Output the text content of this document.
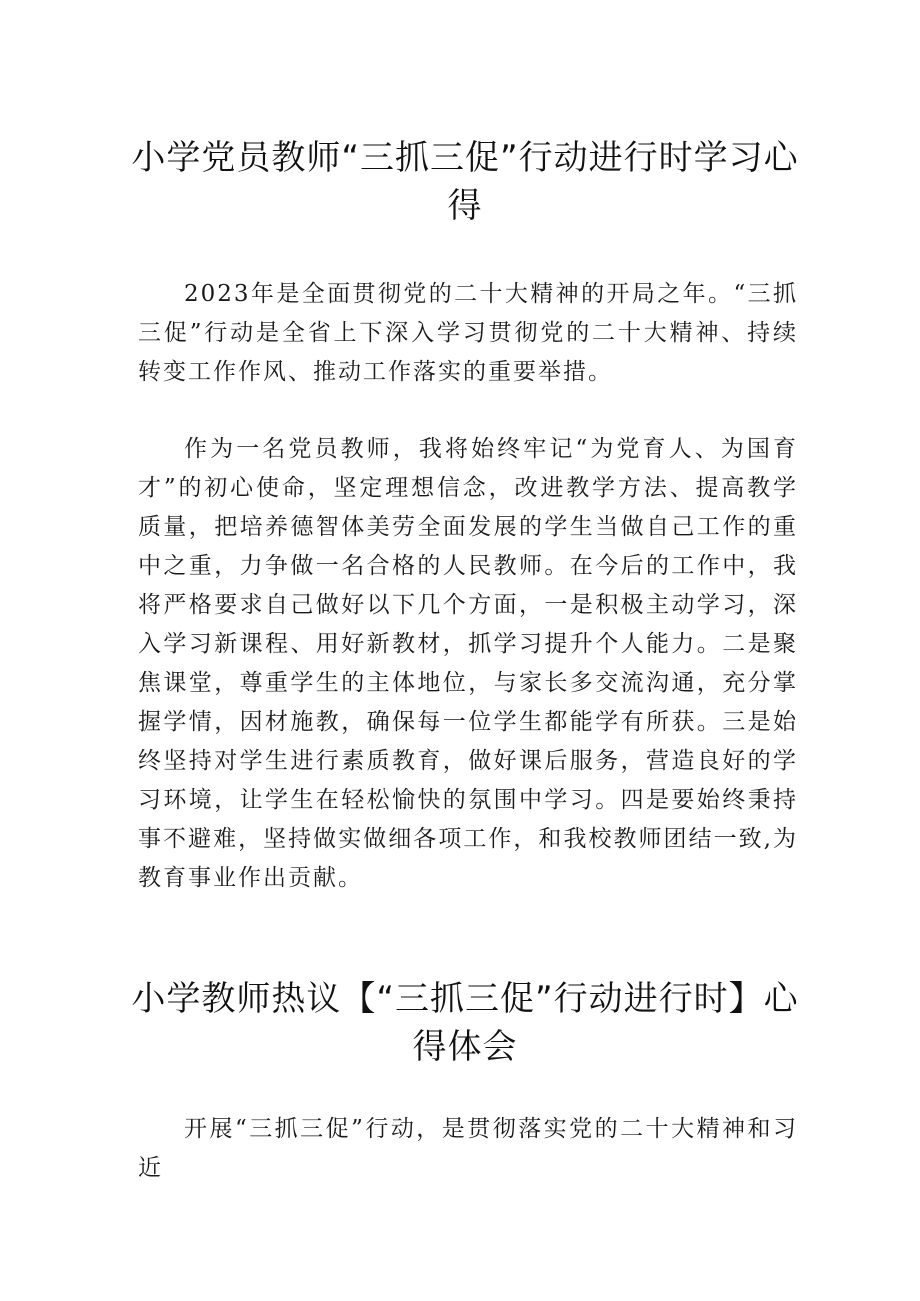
小学党员教师“三抓三促”行动进行时学习心得

2023年是全面贯彻党的二十大精神的开局之年。“三抓三促”行动是全省上下深入学习贯彻党的二十大精神、持续转变工作作风、推动工作落实的重要举措。

作为一名党员教师，我将始终牢记“为党育人、为国育才”的初心使命，坚定理想信念，改进教学方法、提高教学质量，把培养德智体美劳全面发展的学生当做自己工作的重中之重，力争做一名合格的人民教师。在今后的工作中，我将严格要求自己做好以下几个方面，一是积极主动学习，深入学习新课程、用好新教材，抓学习提升个人能力。二是聚焦课堂，尊重学生的主体地位，与家长多交流沟通，充分掌握学情，因材施教，确保每一位学生都能学有所获。三是始终坚持对学生进行素质教育，做好课后服务，营造良好的学习环境，让学生在轻松愉快的氛围中学习。四是要始终秉持事不避难，坚持做实做细各项工作，和我校教师团结一致,为教育事业作出贡献。

小学教师热议【“三抓三促”行动进行时】心得体会

开展“三抓三促”行动，是贯彻落实党的二十大精神和习近
